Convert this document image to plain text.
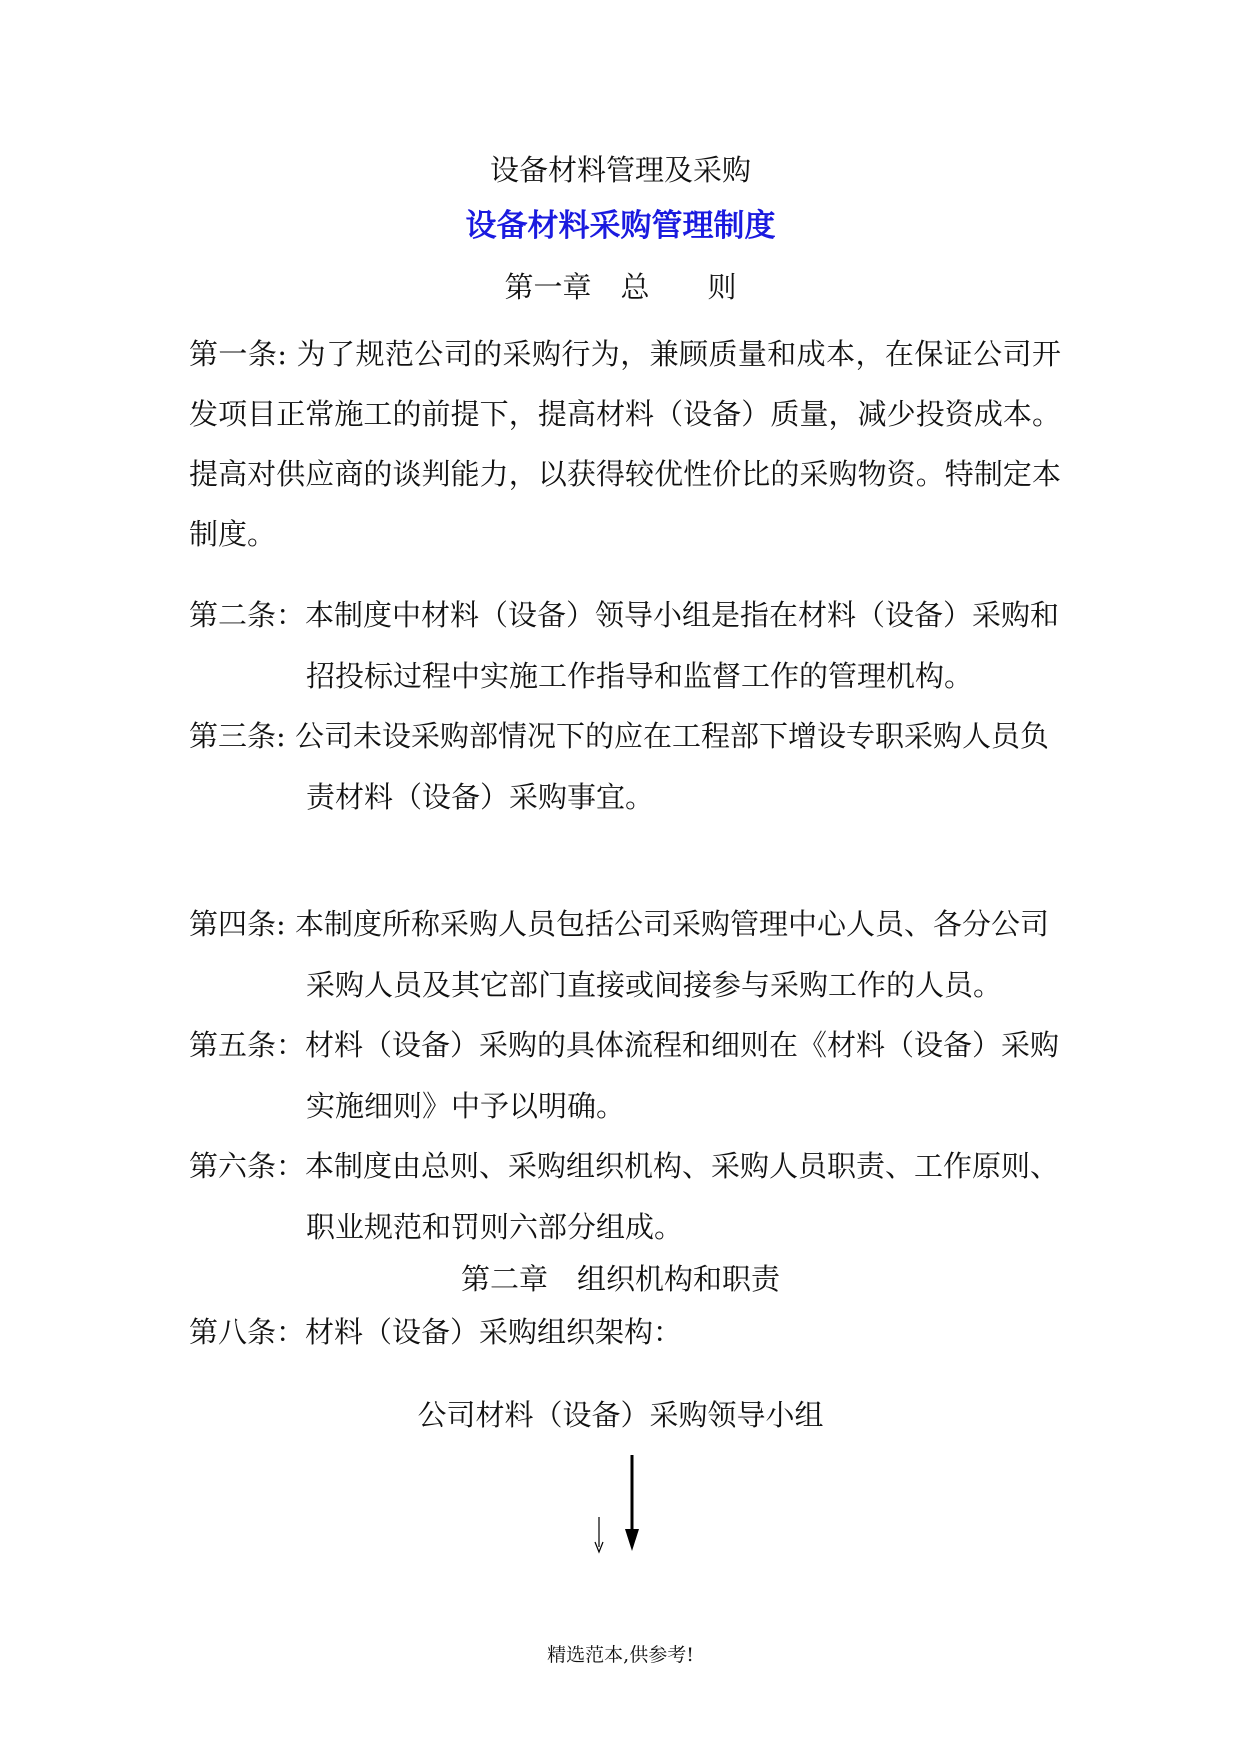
设备材料管理及采购
设备材料采购管理制度
第一章　总　　则
第一条: 为了规范公司的采购行为，兼顾质量和成本，在保证公司开发项目正常施工的前提下，提高材料（设备）质量，减少投资成本。提高对供应商的谈判能力，以获得较优性价比的采购物资。特制定本制度。
第二条：本制度中材料（设备）领导小组是指在材料（设备）采购和
招投标过程中实施工作指导和监督工作的管理机构。
第三条: 公司未设采购部情况下的应在工程部下增设专职采购人员负
责材料（设备）采购事宜。
第四条: 本制度所称采购人员包括公司采购管理中心人员、各分公司
采购人员及其它部门直接或间接参与采购工作的人员。
第五条：材料（设备）采购的具体流程和细则在《材料（设备）采购
实施细则》中予以明确。
第六条：本制度由总则、采购组织机构、采购人员职责、工作原则、
职业规范和罚则六部分组成。
第二章　组织机构和职责
第八条：材料（设备）采购组织架构：
公司材料（设备）采购领导小组
精选范本,供参考!
